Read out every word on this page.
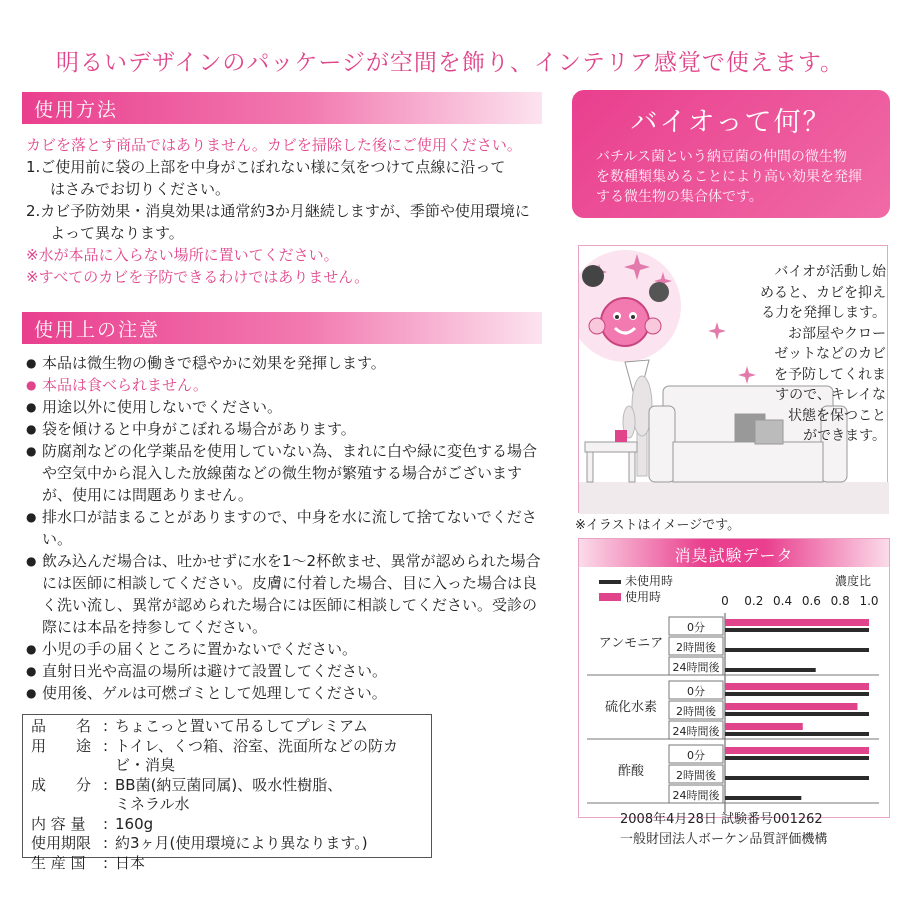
明るいデザインのパッケージが空間を飾り、インテリア感覚で使えます。
使用方法
カビを落とす商品ではありません。カビを掃除した後にご使用ください。
1.ご使用前に袋の上部を中身がこぼれない様に気をつけて点線に沿って
はさみでお切りください。
2.カビ予防効果・消臭効果は通常約3か月継続しますが、季節や使用環境に
よって異なります。
※水が本品に入らない場所に置いてください。
※すべてのカビを予防できるわけではありません。
使用上の注意
● 本品は微生物の働きで穏やかに効果を発揮します。
● 本品は食べられません。
● 用途以外に使用しないでください。
● 袋を傾けると中身がこぼれる場合があります。
● 防腐剤などの化学薬品を使用していない為、まれに白や緑に変色する場合や空気中から混入した放線菌などの微生物が繁殖する場合がございますが、使用には問題ありません。
● 排水口が詰まることがありますので、中身を水に流して捨てないでください。
● 飲み込んだ場合は、吐かせずに水を1～2杯飲ませ、異常が認められた場合には医師に相談してください。皮膚に付着した場合、目に入った場合は良く洗い流し、異常が認められた場合には医師に相談してください。受診の際には本品を持参してください。
● 小児の手の届くところに置かないでください。
● 直射日光や高温の場所は避けて設置してください。
● 使用後、ゲルは可燃ゴミとして処理してください。
品　　名 : ちょこっと置いて吊るしてプレミアム
用　　途 : トイレ、くつ箱、浴室、洗面所などの防カビ・消臭
成　　分 : BB菌(納豆菌同属)、吸水性樹脂、
ミネラル水
内 容 量	: 160g
使用期限 : 約3ヶ月(使用環境により異なります。)
生 産 国	: 日本
バイオって何？
バチルス菌という納豆菌の仲間の微生物
を数種類集めることにより高い効果を発揮
する微生物の集合体です。
バイオが活動し始
めると、カビを抑え
る力を発揮します。
お部屋やクロー
ゼットなどのカビ
を予防してくれま
すので、キレイな
状態を保つこと
ができます。
※イラストはイメージです。
消臭試験データ
未使用時
使用時
濃度比
0 0.2 0.4 0.6 0.8 1.0
アンモニア
0分
2時間後
24時間後
硫化水素
0分
2時間後
24時間後
酢酸
0分
2時間後
24時間後
2008年4月28日 試験番号001262
一般財団法人ボーケン品質評価機構
